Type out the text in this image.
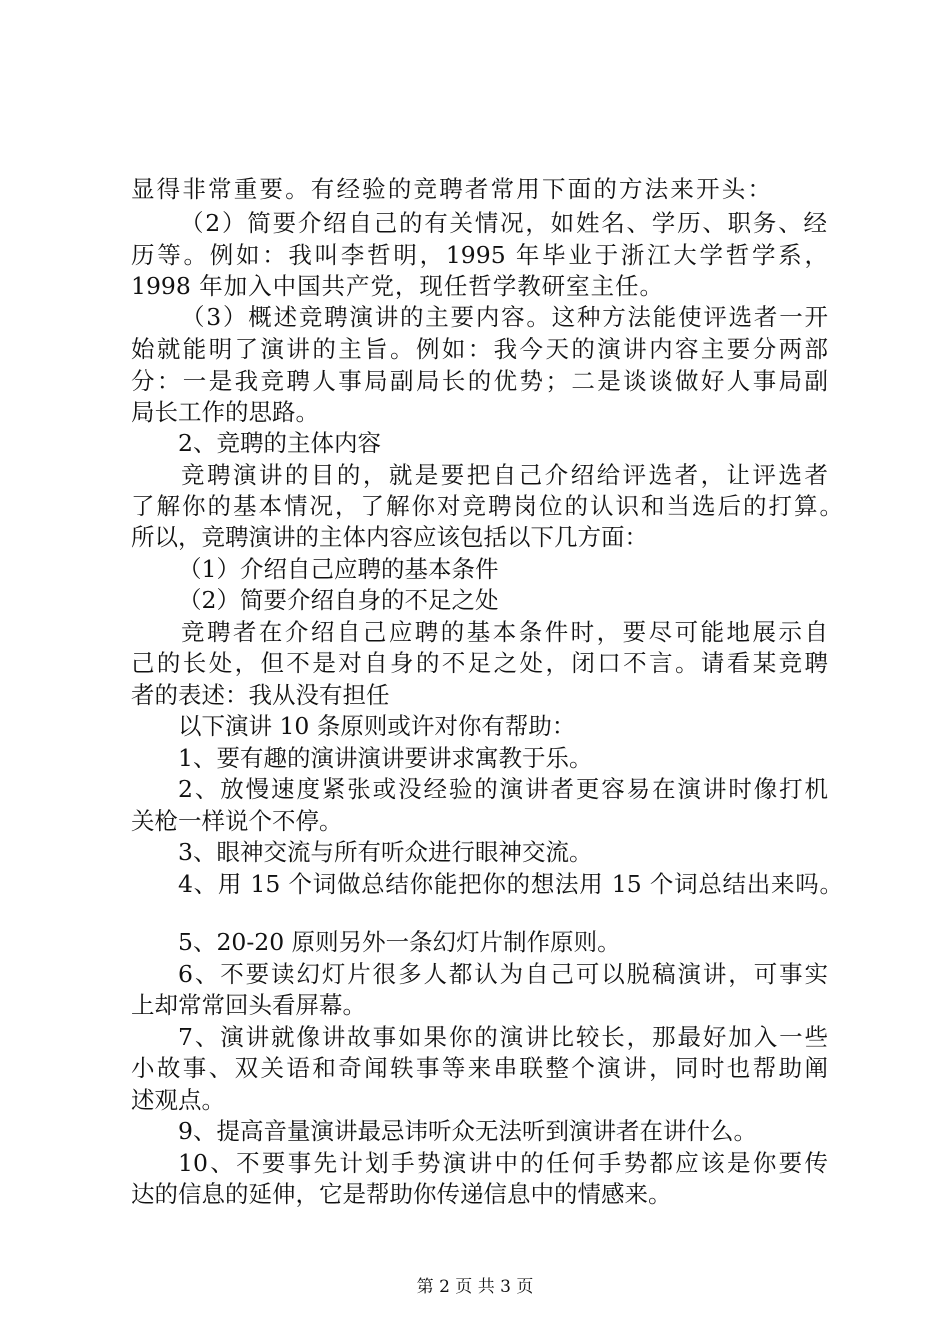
显得非常重要。有经验的竞聘者常用下面的方法来开头：
（2）简要介绍自己的有关情况，如姓名、学历、职务、经
历等。例如：我叫李哲明，1995 年毕业于浙江大学哲学系，
1998 年加入中国共产党，现任哲学教研室主任。
（3）概述竞聘演讲的主要内容。这种方法能使评选者一开
始就能明了演讲的主旨。例如：我今天的演讲内容主要分两部
分：一是我竞聘人事局副局长的优势；二是谈谈做好人事局副
局长工作的思路。
2、竞聘的主体内容
竞聘演讲的目的，就是要把自己介绍给评选者，让评选者
了解你的基本情况，了解你对竞聘岗位的认识和当选后的打算。
所以，竞聘演讲的主体内容应该包括以下几方面：
（1）介绍自己应聘的基本条件
（2）简要介绍自身的不足之处
竞聘者在介绍自己应聘的基本条件时，要尽可能地展示自
己的长处，但不是对自身的不足之处，闭口不言。请看某竞聘
者的表述：我从没有担任
以下演讲 10 条原则或许对你有帮助：
1、要有趣的演讲演讲要讲求寓教于乐。
2、放慢速度紧张或没经验的演讲者更容易在演讲时像打机
关枪一样说个不停。
3、眼神交流与所有听众进行眼神交流。
4、用 15 个词做总结你能把你的想法用 15 个词总结出来吗。
5、20-20 原则另外一条幻灯片制作原则。
6、不要读幻灯片很多人都认为自己可以脱稿演讲，可事实
上却常常回头看屏幕。
7、演讲就像讲故事如果你的演讲比较长，那最好加入一些
小故事、双关语和奇闻轶事等来串联整个演讲，同时也帮助阐
述观点。
9、提高音量演讲最忌讳听众无法听到演讲者在讲什么。
10、不要事先计划手势演讲中的任何手势都应该是你要传
达的信息的延伸，它是帮助你传递信息中的情感来。
第 2 页 共 3 页
